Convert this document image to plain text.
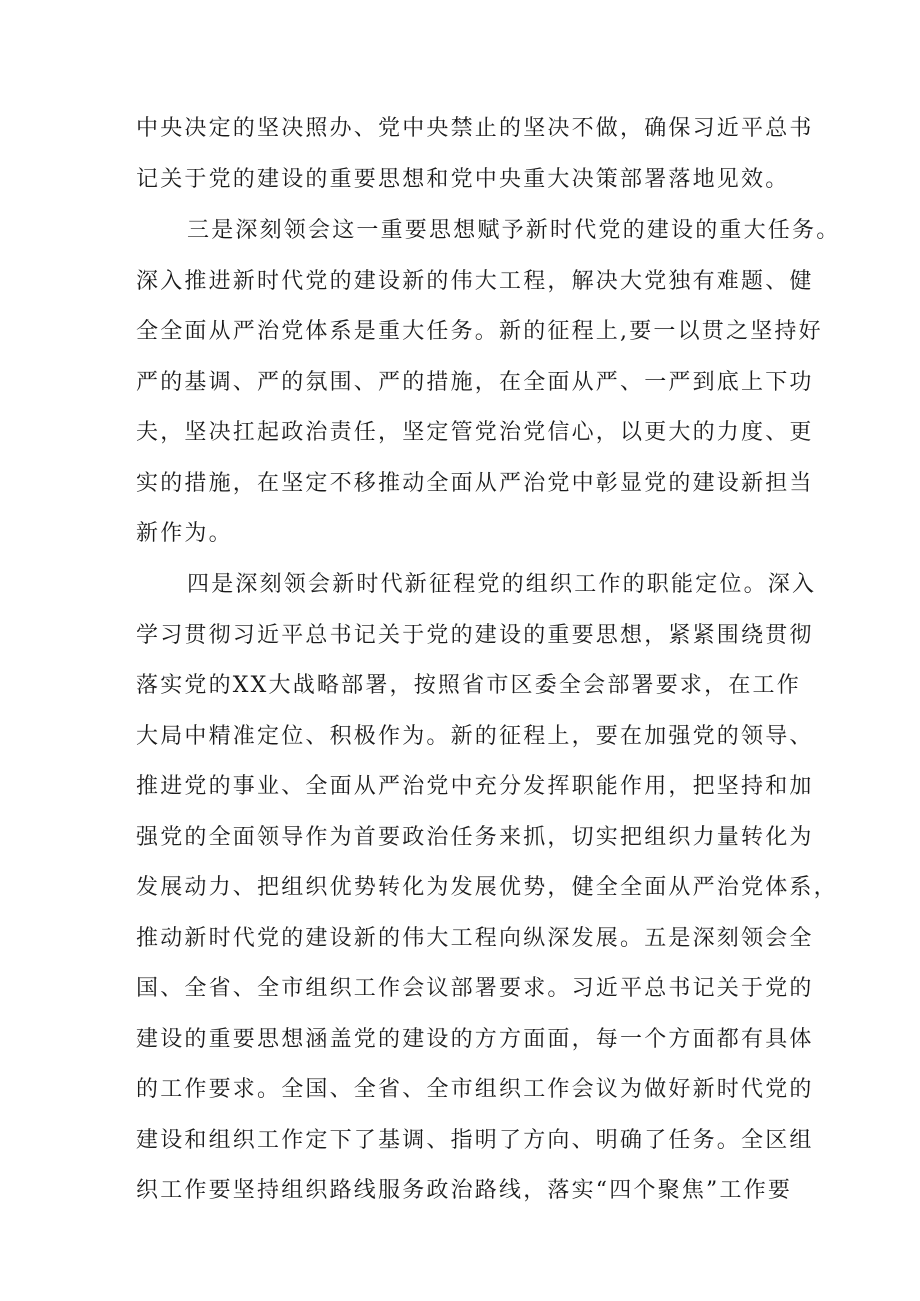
中央决定的坚决照办、党中央禁止的坚决不做，确保习近平总书

记关于党的建设的重要思想和党中央重大决策部署落地见效。

三是深刻领会这一重要思想赋予新时代党的建设的重大任务。

深入推进新时代党的建设新的伟大工程，解决大党独有难题、健

全全面从严治党体系是重大任务。新的征程上,要一以贯之坚持好

严的基调、严的氛围、严的措施，在全面从严、一严到底上下功

夫，坚决扛起政治责任，坚定管党治党信心，以更大的力度、更

实的措施，在坚定不移推动全面从严治党中彰显党的建设新担当

新作为。

四是深刻领会新时代新征程党的组织工作的职能定位。深入

学习贯彻习近平总书记关于党的建设的重要思想，紧紧围绕贯彻

落实党的XX大战略部署，按照省市区委全会部署要求，在工作

大局中精准定位、积极作为。新的征程上，要在加强党的领导、

推进党的事业、全面从严治党中充分发挥职能作用，把坚持和加

强党的全面领导作为首要政治任务来抓，切实把组织力量转化为

发展动力、把组织优势转化为发展优势，健全全面从严治党体系，

推动新时代党的建设新的伟大工程向纵深发展。五是深刻领会全

国、全省、全市组织工作会议部署要求。习近平总书记关于党的

建设的重要思想涵盖党的建设的方方面面，每一个方面都有具体

的工作要求。全国、全省、全市组织工作会议为做好新时代党的

建设和组织工作定下了基调、指明了方向、明确了任务。全区组

织工作要坚持组织路线服务政治路线，落实“四个聚焦”工作要
